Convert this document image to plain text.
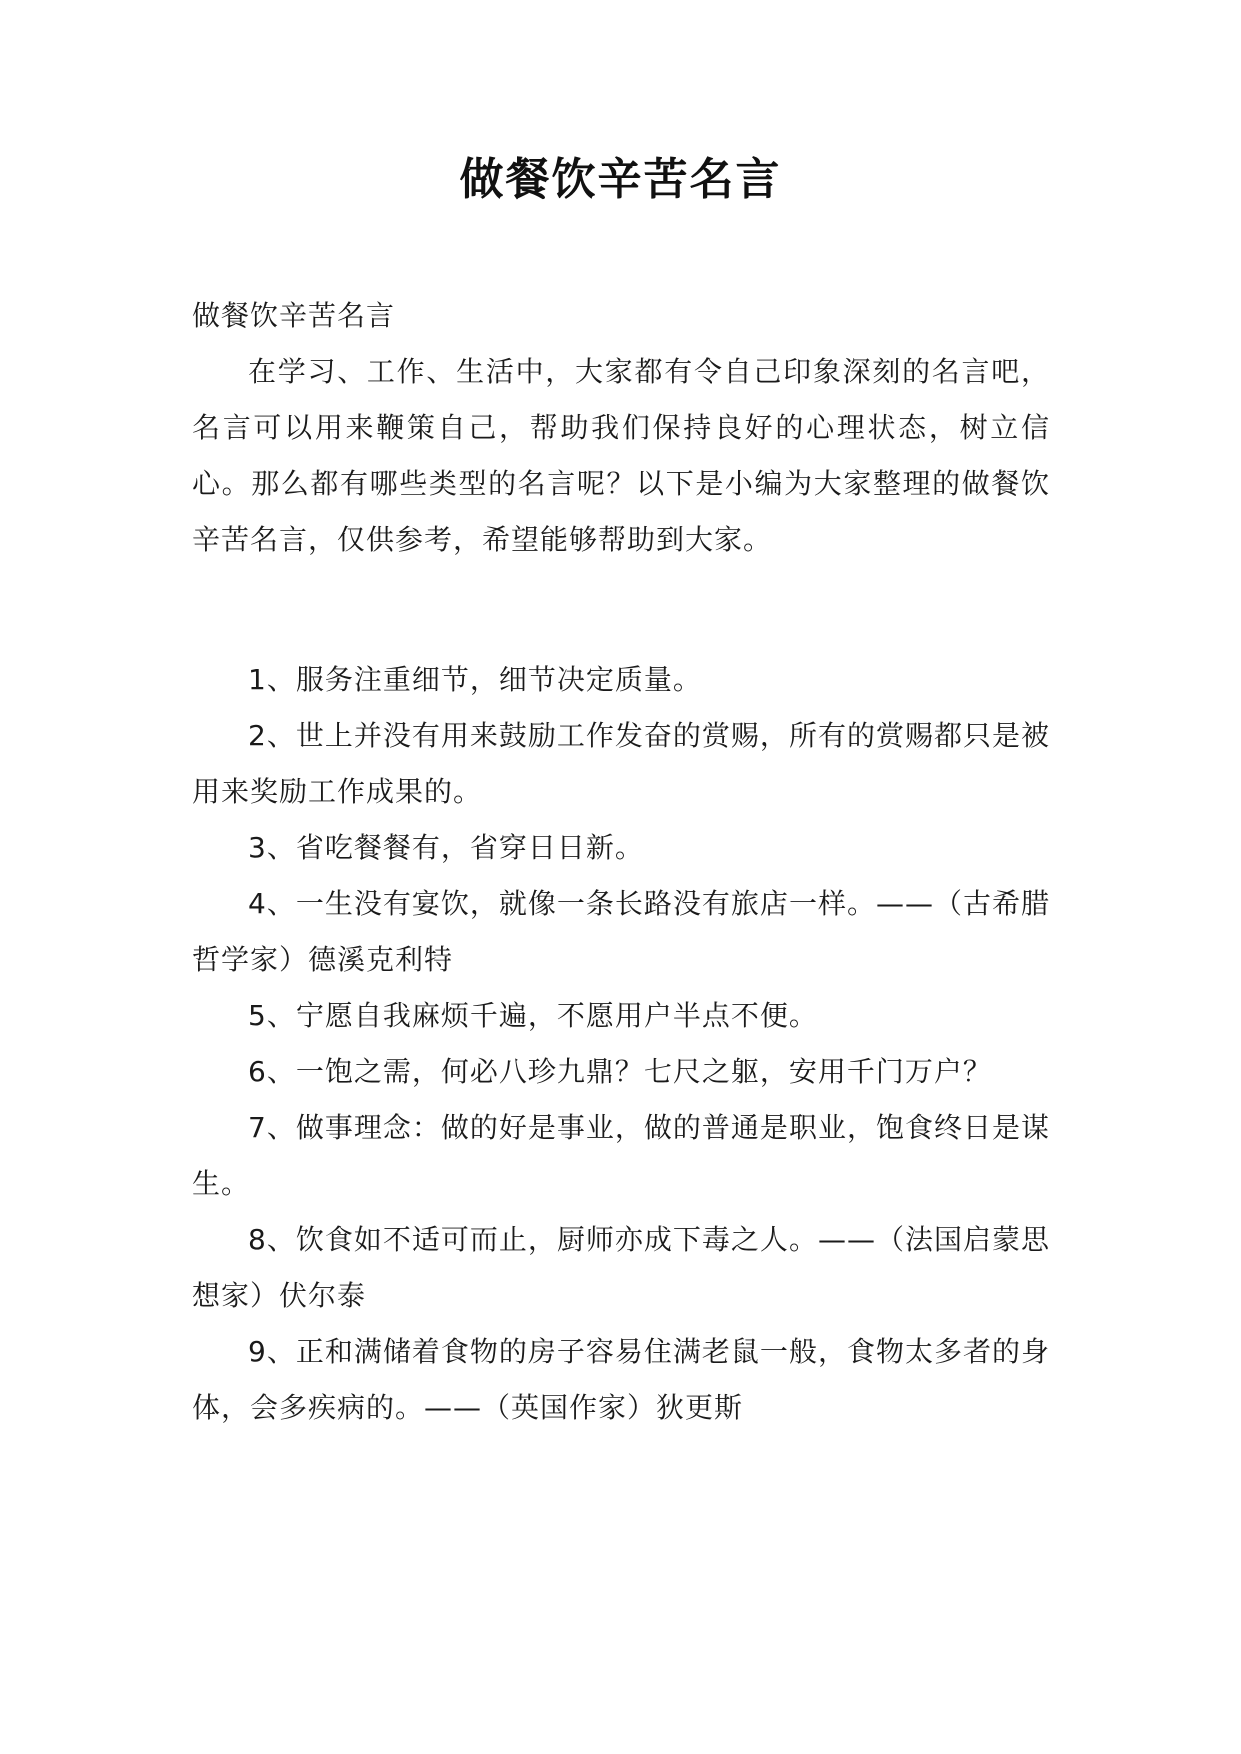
做餐饮辛苦名言

做餐饮辛苦名言

在学习、工作、生活中，大家都有令自己印象深刻的名言吧，名言可以用来鞭策自己，帮助我们保持良好的心理状态，树立信心。那么都有哪些类型的名言呢？以下是小编为大家整理的做餐饮辛苦名言，仅供参考，希望能够帮助到大家。

1、服务注重细节，细节决定质量。

2、世上并没有用来鼓励工作发奋的赏赐，所有的赏赐都只是被用来奖励工作成果的。

3、省吃餐餐有，省穿日日新。

4、一生没有宴饮，就像一条长路没有旅店一样。——（古希腊哲学家）德溪克利特

5、宁愿自我麻烦千遍，不愿用户半点不便。

6、一饱之需，何必八珍九鼎？七尺之躯，安用千门万户？

7、做事理念：做的好是事业，做的普通是职业，饱食终日是谋生。

8、饮食如不适可而止，厨师亦成下毒之人。——（法国启蒙思想家）伏尔泰

9、正和满储着食物的房子容易住满老鼠一般，食物太多者的身体，会多疾病的。——（英国作家）狄更斯
